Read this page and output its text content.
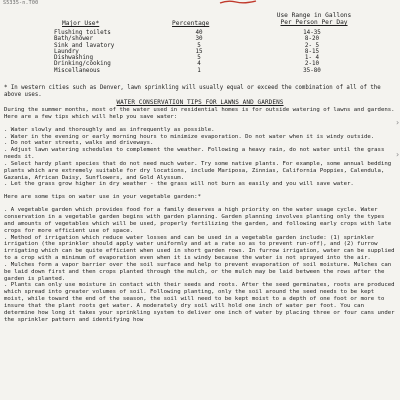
S5335-n.T00
Major Use*	Percentage
Use Range in Gallons
Per Person Per Day
Flushing toilets	40	14-35
Bath/shower	30	8-20
Sink and lavatory	5	2- 5
Laundry	15	8-15
Dishwashing	5	1- 4
Drinking/cooking	4	2-10
Miscellaneous	1	35-80
* In western cities such as Denver, lawn sprinkling will usually equal or exceed the combination of all of the above uses.
WATER CONSERVATION TIPS FOR LAWNS AND GARDENS

During the summer months, most of the water used in residential homes is for outside watering of lawns and gardens. Here are a few tips which will help you save water:

. Water slowly and thoroughly and as infrequently as possible.

. Water in the evening or early morning hours to minimize evaporation. Do not water when it is windy outside.

. Do not water streets, walks and driveways.

. Adjust lawn watering schedules to complement the weather. Following a heavy rain, do not water until the grass needs it.

. Select hardy plant species that do not need much water. Try some native plants. For example, some annual bedding plants which are extremely suitable for dry locations, include Mariposa, Zinnias, California Poppies, Calendula, Gazania, African Daisy, Sunflowers, and Gold Alyssum.

. Let the grass grow higher in dry weather - the grass will not burn as easily and you will save water.

Here are some tips on water use in your vegetable garden:*

. A vegetable garden which provides food for a family deserves a high priority on the water usage cycle. Water conservation in a vegetable garden begins with garden planning. Garden planning involves planting only the types and amounts of vegetables which will be used, properly fertilizing the garden, and following early crops with late crops for more efficient use of space.

. Method of irrigation which reduce water losses and can be used in a vegetable garden include: (1) sprinkler irrigation (the sprinkler should apply water uniformly and at a rate so as to prevent run-off), and (2) furrow irrigating which can be quite efficient when used in short garden rows. In furrow irrigation, water can be supplied to a crop with a minimum of evaporation even when it is windy because the water is not sprayed into the air.

. Mulches form a vapor barrier over the soil surface and help to prevent evaporation of soil moisture. Mulches can be laid down first and then crops planted through the mulch, or the mulch may be laid between the rows after the garden is planted.

. Plants can only use moisture in contact with their seeds and roots. After the seed germinates, roots are produced which spread into greater volumes of soil. Following planting, only the soil around the seed needs to be kept moist, while toward the end of the season, the soil will need to be kept moist to a depth of one foot or more to insure that the plant roots get water. A moderately dry soil will hold one inch of water per foot. You can determine how long it takes your sprinkling system to deliver one inch of water by placing three or four cans under the sprinkler pattern and identifying how

›
›
